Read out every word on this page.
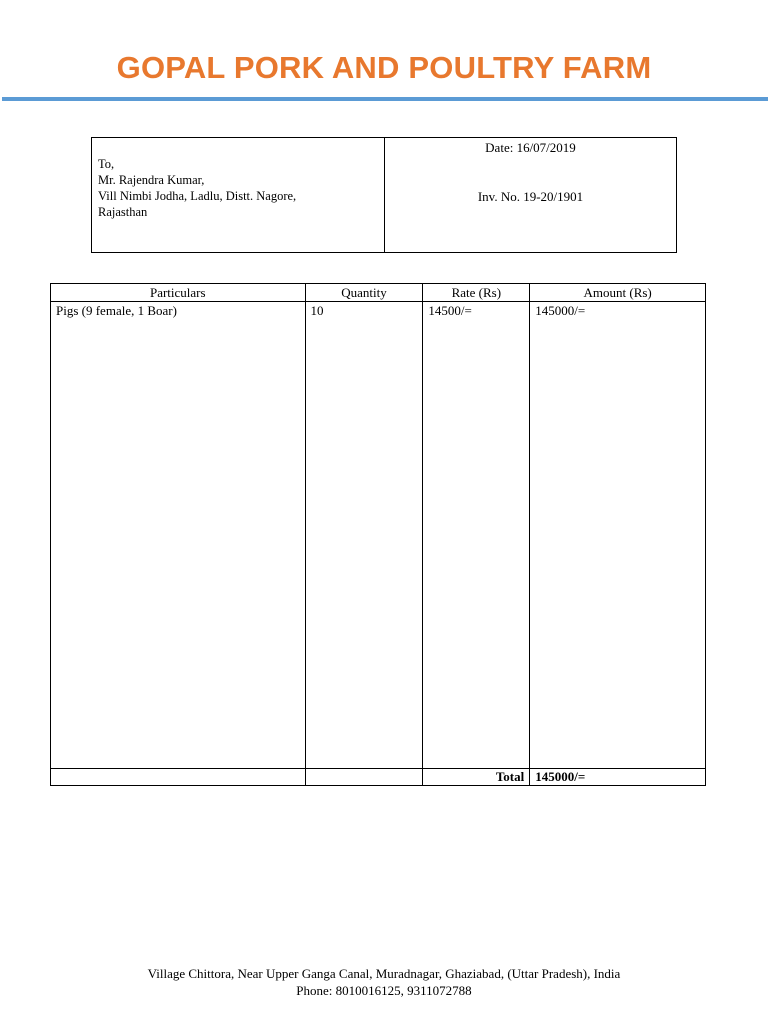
GOPAL PORK AND POULTRY FARM
To,
Mr. Rajendra Kumar,
Vill Nimbi Jodha, Ladlu, Distt. Nagore,
Rajasthan
Date: 16/07/2019
Inv. No. 19-20/1901
Particulars	Quantity	Rate (Rs)	Amount (Rs)
Pigs (9 female, 1 Boar)	10	14500/=	145000/=
		Total	145000/=
Village Chittora, Near Upper Ganga Canal, Muradnagar, Ghaziabad, (Uttar Pradesh), India
Phone: 8010016125, 9311072788
